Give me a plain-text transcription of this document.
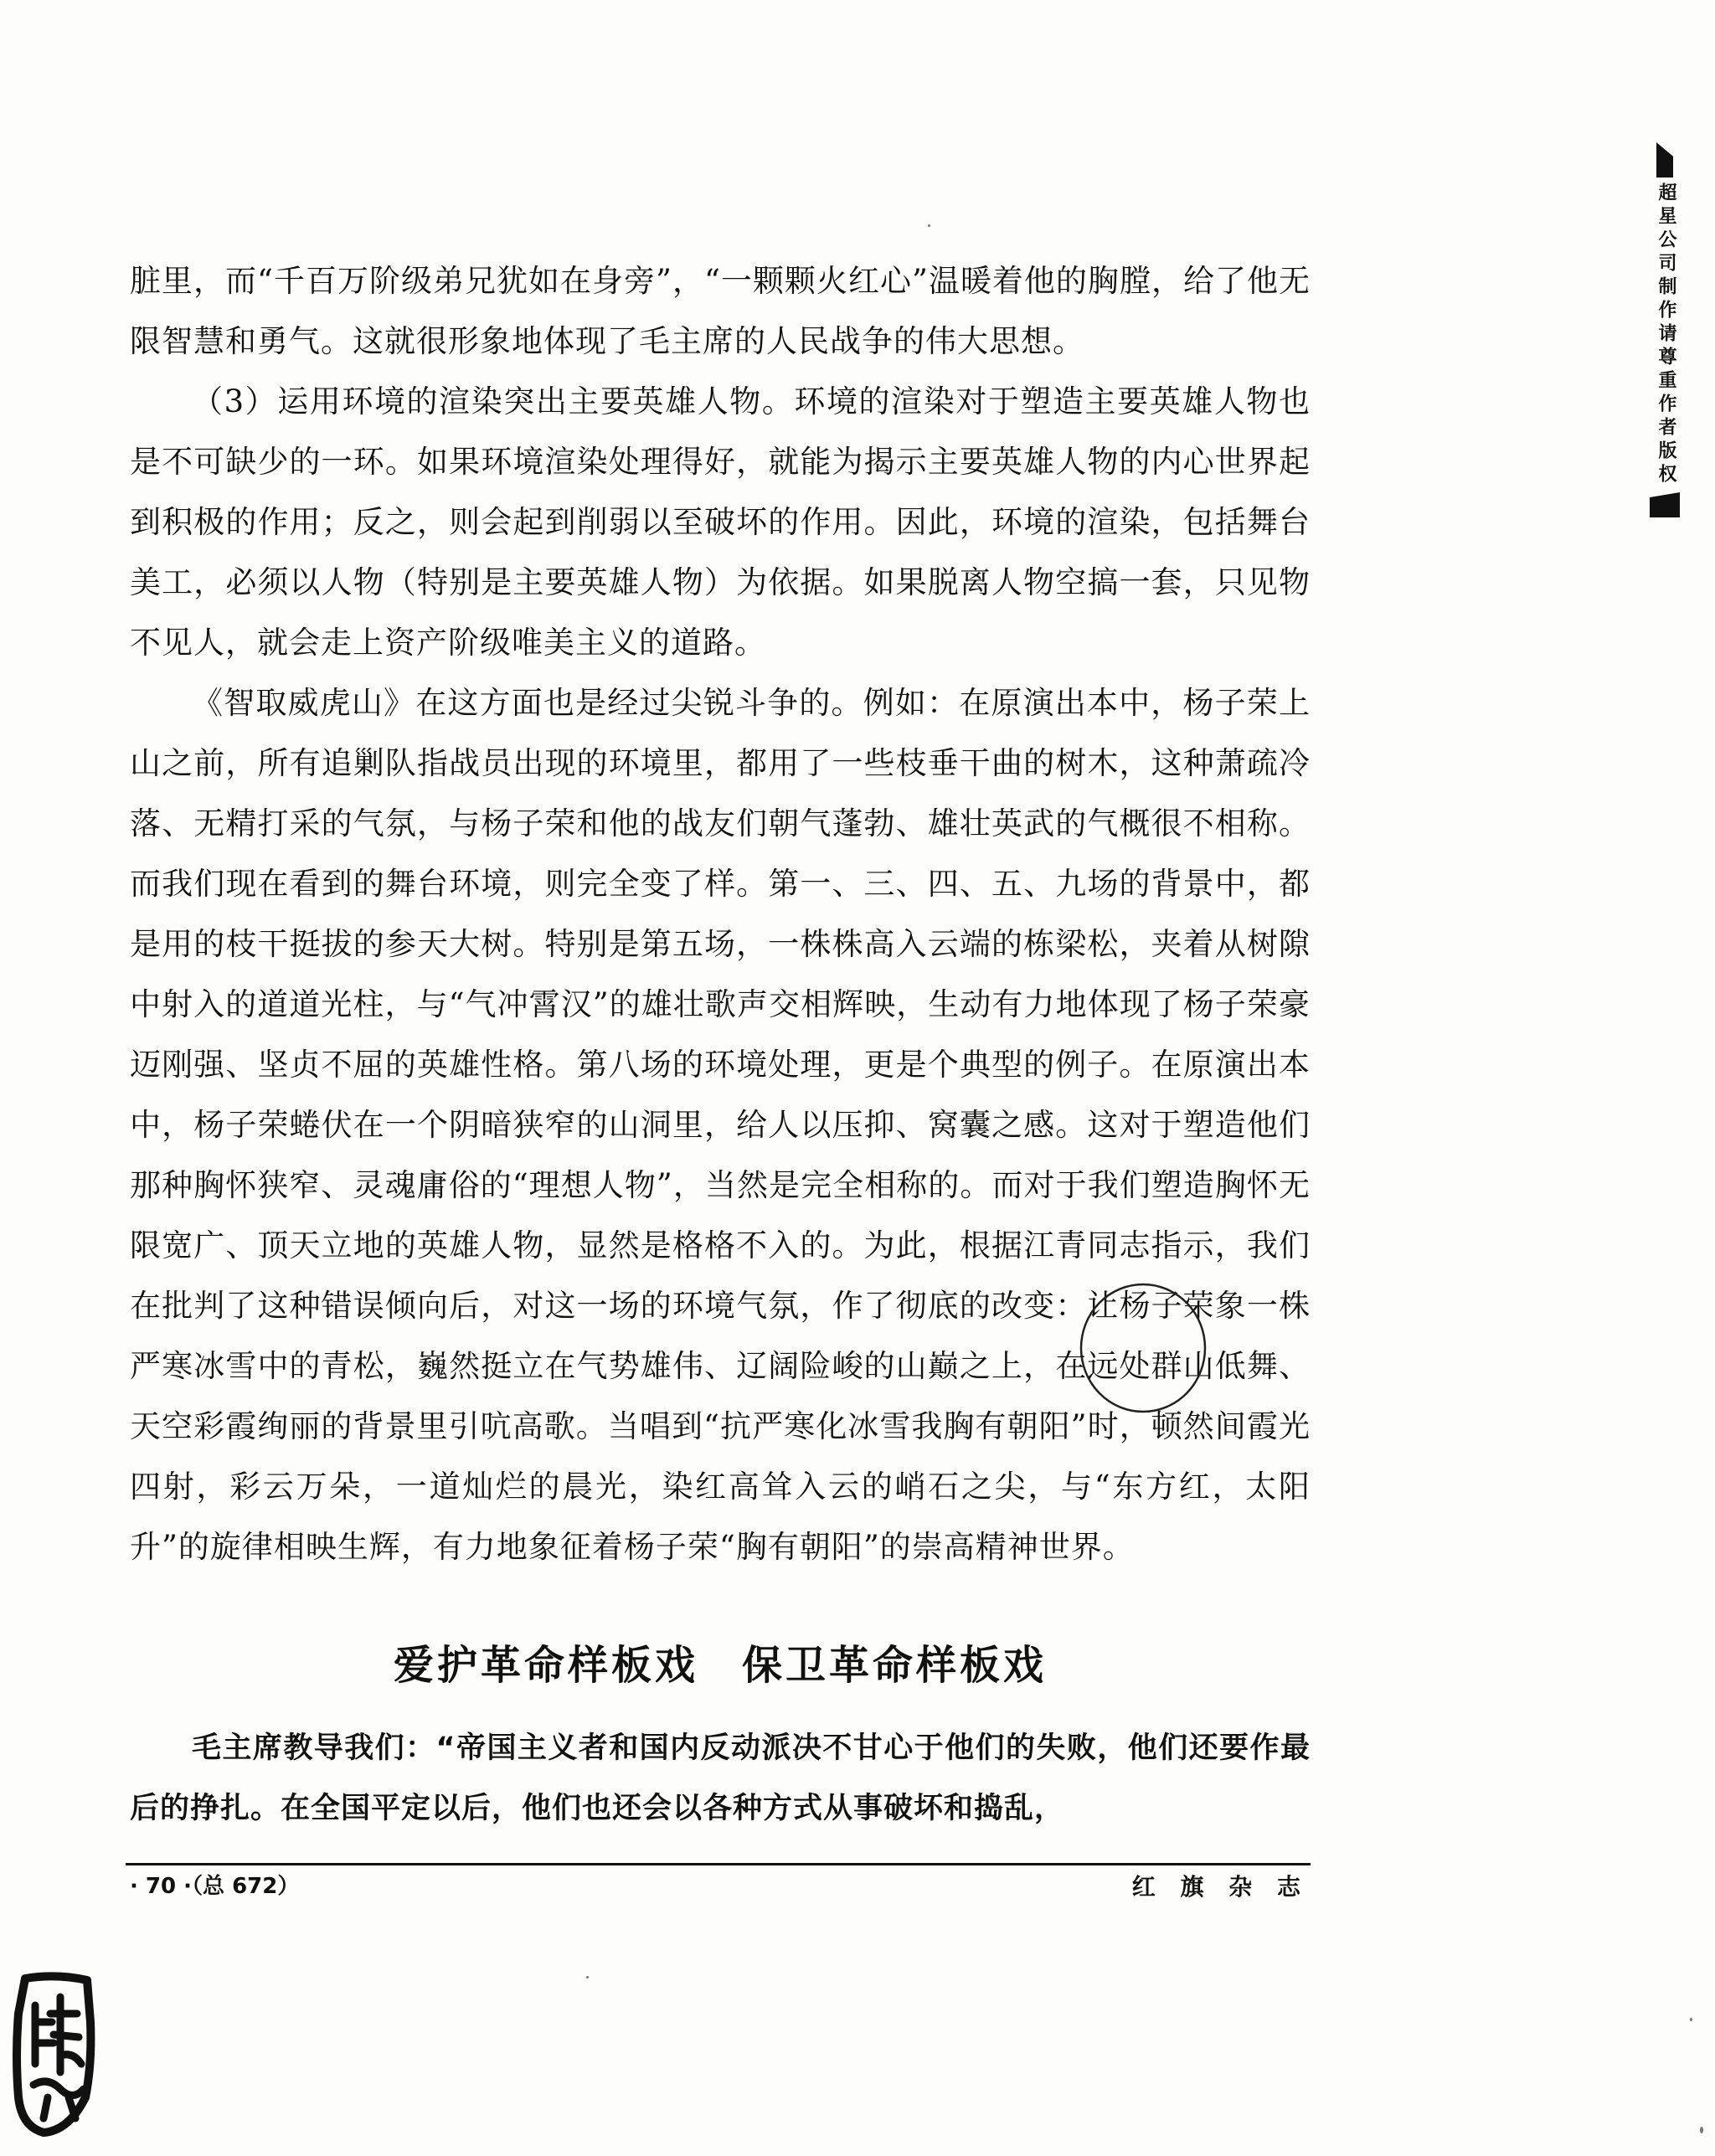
脏里，而“千百万阶级弟兄犹如在身旁”，“一颗颗火红心”温暖着他的胸膛，给了他无限智慧和勇气。这就很形象地体现了毛主席的人民战争的伟大思想。

（3）运用环境的渲染突出主要英雄人物。环境的渲染对于塑造主要英雄人物也是不可缺少的一环。如果环境渲染处理得好，就能为揭示主要英雄人物的内心世界起到积极的作用；反之，则会起到削弱以至破坏的作用。因此，环境的渲染，包括舞台美工，必须以人物（特别是主要英雄人物）为依据。如果脱离人物空搞一套，只见物不见人，就会走上资产阶级唯美主义的道路。

《智取威虎山》在这方面也是经过尖锐斗争的。例如：在原演出本中，杨子荣上山之前，所有追剿队指战员出现的环境里，都用了一些枝垂干曲的树木，这种萧疏冷落、无精打采的气氛，与杨子荣和他的战友们朝气蓬勃、雄壮英武的气概很不相称。而我们现在看到的舞台环境，则完全变了样。第一、三、四、五、九场的背景中，都是用的枝干挺拔的参天大树。特别是第五场，一株株高入云端的栋梁松，夹着从树隙中射入的道道光柱，与“气冲霄汉”的雄壮歌声交相辉映，生动有力地体现了杨子荣豪迈刚强、坚贞不屈的英雄性格。第八场的环境处理，更是个典型的例子。在原演出本中，杨子荣蜷伏在一个阴暗狭窄的山洞里，给人以压抑、窝囊之感。这对于塑造他们那种胸怀狭窄、灵魂庸俗的“理想人物”，当然是完全相称的。而对于我们塑造胸怀无限宽广、顶天立地的英雄人物，显然是格格不入的。为此，根据江青同志指示，我们在批判了这种错误倾向后，对这一场的环境气氛，作了彻底的改变：让杨子荣象一株严寒冰雪中的青松，巍然挺立在气势雄伟、辽阔险峻的山巅之上，在远处群山低舞、天空彩霞绚丽的背景里引吭高歌。当唱到“抗严寒化冰雪我胸有朝阳”时，顿然间霞光四射，彩云万朵，一道灿烂的晨光，染红高耸入云的峭石之尖，与“东方红，太阳升”的旋律相映生辉，有力地象征着杨子荣“胸有朝阳”的崇高精神世界。

爱护革命样板戏　保卫革命样板戏

毛主席教导我们：“帝国主义者和国内反动派决不甘心于他们的失败，他们还要作最后的挣扎。在全国平定以后，他们也还会以各种方式从事破坏和捣乱，

· 70 ·（总 672）	红 旗 杂 志
超星公司制作请尊重作者版权
